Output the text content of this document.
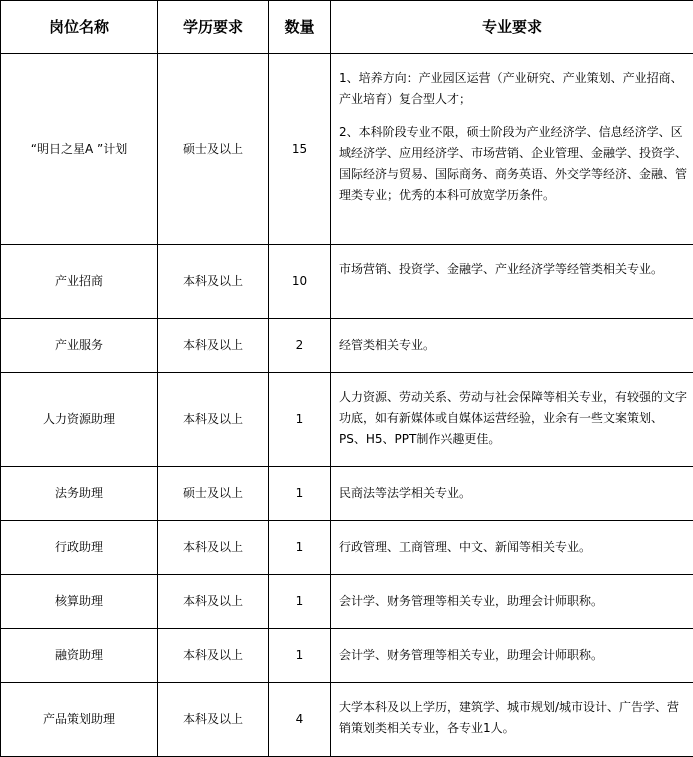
岗位名称	学历要求	数量	专业要求
“明日之星A ”计划	硕士及以上	15	1、培养方向：产业园区运营（产业研究、产业策划、产业招商、产业培育）复合型人才；
2、本科阶段专业不限，硕士阶段为产业经济学、信息经济学、区域经济学、应用经济学、市场营销、企业管理、金融学、投资学、国际经济与贸易、国际商务、商务英语、外交学等经济、金融、管理类专业；优秀的本科可放宽学历条件。

产业招商	本科及以上	10	市场营销、投资学、金融学、产业经济学等经管类相关专业。
产业服务	本科及以上	2	经管类相关专业。
人力资源助理	本科及以上	1	人力资源、劳动关系、劳动与社会保障等相关专业，有较强的文字功底，如有新媒体或自媒体运营经验，业余有一些文案策划、PS、H5、PPT制作兴趣更佳。
法务助理	硕士及以上	1	民商法等法学相关专业。
行政助理	本科及以上	1	行政管理、工商管理、中文、新闻等相关专业。
核算助理	本科及以上	1	会计学、财务管理等相关专业，助理会计师职称。
融资助理	本科及以上	1	会计学、财务管理等相关专业，助理会计师职称。
产品策划助理	本科及以上	4	大学本科及以上学历，建筑学、城市规划/城市设计、广告学、营销策划类相关专业，各专业1人。
